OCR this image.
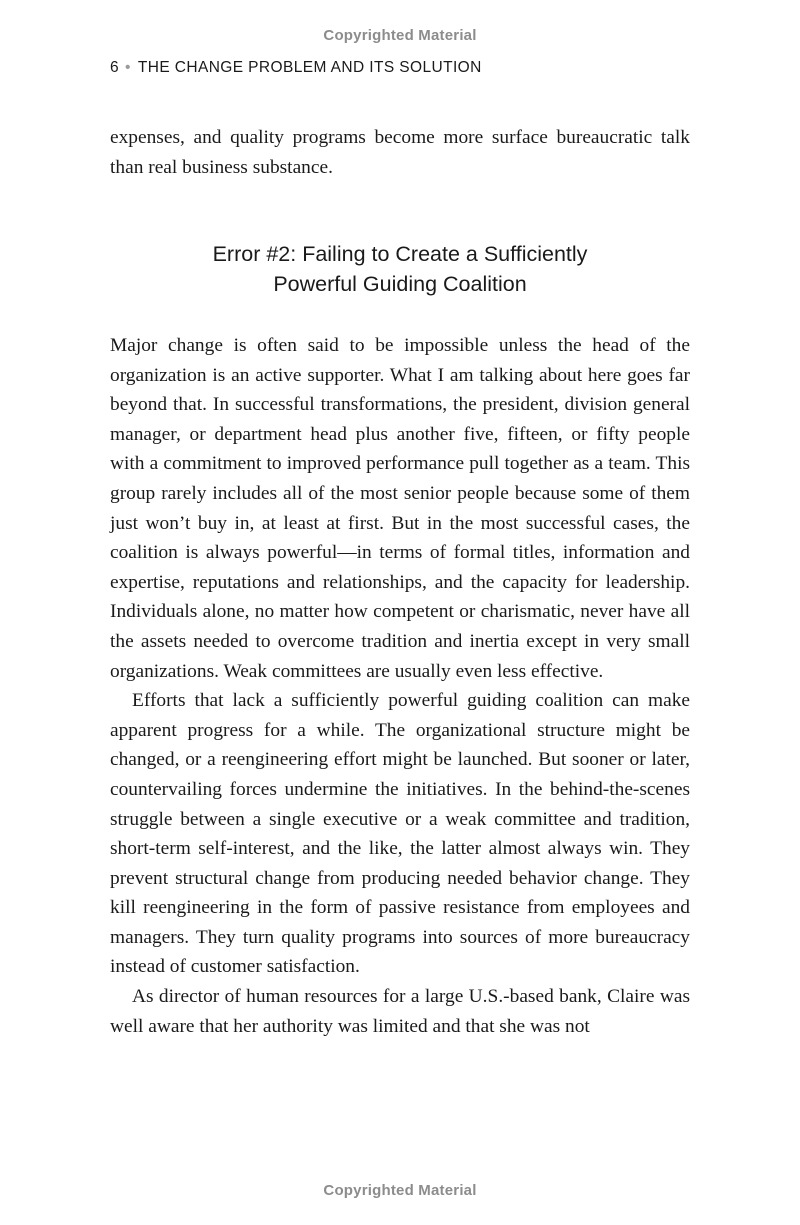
Copyrighted Material
6 • THE CHANGE PROBLEM AND ITS SOLUTION

expenses, and quality programs become more surface bureaucratic talk than real business substance.

Error #2: Failing to Create a Sufficiently
Powerful Guiding Coalition

Major change is often said to be impossible unless the head of the organization is an active supporter. What I am talking about here goes far beyond that. In successful transformations, the president, division general manager, or department head plus another five, fifteen, or fifty people with a commitment to improved performance pull together as a team. This group rarely includes all of the most senior people because some of them just won’t buy in, at least at first. But in the most successful cases, the coalition is always powerful—in terms of formal titles, information and expertise, reputations and relationships, and the capacity for leadership. Individuals alone, no matter how competent or charismatic, never have all the assets needed to overcome tradition and inertia except in very small organizations. Weak committees are usually even less effective.

Efforts that lack a sufficiently powerful guiding coalition can make apparent progress for a while. The organizational structure might be changed, or a reengineering effort might be launched. But sooner or later, countervailing forces undermine the initiatives. In the behind-the-scenes struggle between a single executive or a weak committee and tradition, short-term self-interest, and the like, the latter almost always win. They prevent structural change from producing needed behavior change. They kill reengineering in the form of passive resistance from employees and managers. They turn quality programs into sources of more bureaucracy instead of customer satisfaction.

As director of human resources for a large U.S.-based bank, Claire was well aware that her authority was limited and that she was not

Copyrighted Material
